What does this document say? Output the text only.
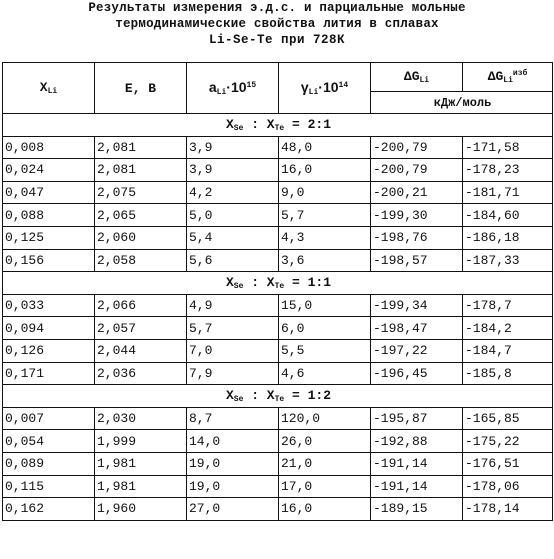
Результаты измерения э.д.с. и парциальные мольные
термодинамические свойства лития в сплавах
Li-Se-Te при 728К
$X_{Li}$	E, B	$a_{Li}\cdot 10^{15}$	$\gamma_{Li}\cdot 10^{14}$	$\Delta G_{Li}$	$\Delta G_{Li}^{изб}$
				кДж/моль	
$X_{Se}$ : $X_{Te}$ = 2:1					
0,008	2,081	3,9	48,0	-200,79	-171,58
0,024	2,081	3,9	16,0	-200,79	-178,23
0,047	2,075	4,2	9,0	-200,21	-181,71
0,088	2,065	5,0	5,7	-199,30	-184,60
0,125	2,060	5,4	4,3	-198,76	-186,18
0,156	2,058	5,6	3,6	-198,57	-187,33
$X_{Se}$ : $X_{Te}$ = 1:1					
0,033	2,066	4,9	15,0	-199,34	-178,7
0,094	2,057	5,7	6,0	-198,47	-184,2
0,126	2,044	7,0	5,5	-197,22	-184,7
0,171	2,036	7,9	4,6	-196,45	-185,8
$X_{Se}$ : $X_{Te}$ = 1:2					
0,007	2,030	8,7	120,0	-195,87	-165,85
0,054	1,999	14,0	26,0	-192,88	-175,22
0,089	1,981	19,0	21,0	-191,14	-176,51
0,115	1,981	19,0	17,0	-191,14	-178,06
0,162	1,960	27,0	16,0	-189,15	-178,14
